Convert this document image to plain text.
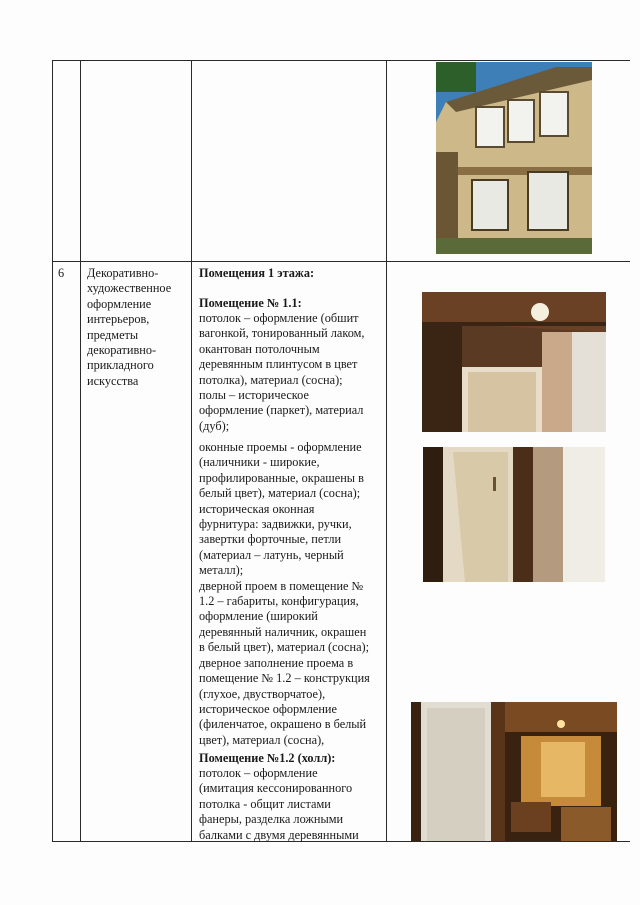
6 Декоративно-
художественное
оформление
интерьеров,
предметы
декоративно-
прикладного
искусства
Помещения 1 этажа:
Помещение № 1.1:
потолок – оформление (обшит
вагонкой, тонированный лаком,
окантован потолочным
деревянным плинтусом в цвет
потолка), материал (сосна);
полы – историческое
оформление (паркет), материал
(дуб);
оконные проемы - оформление
(наличники - широкие,
профилированные, окрашены в
белый цвет), материал (сосна);
историческая оконная
фурнитура: задвижки, ручки,
завертки форточные, петли
(материал – латунь, черный
металл);
дверной проем в помещение №
1.2 – габариты, конфигурация,
оформление (широкий
деревянный наличник, окрашен
в белый цвет), материал (сосна);
дверное заполнение проема в
помещение № 1.2 – конструкция
(глухое, двустворчатое),
историческое оформление
(филенчатое, окрашено в белый
цвет), материал (сосна),
Помещение №1.2 (холл):
потолок – оформление
(имитация кессонированного
потолка - общит листами
фанеры, разделка ложными
балками с двумя деревянными
